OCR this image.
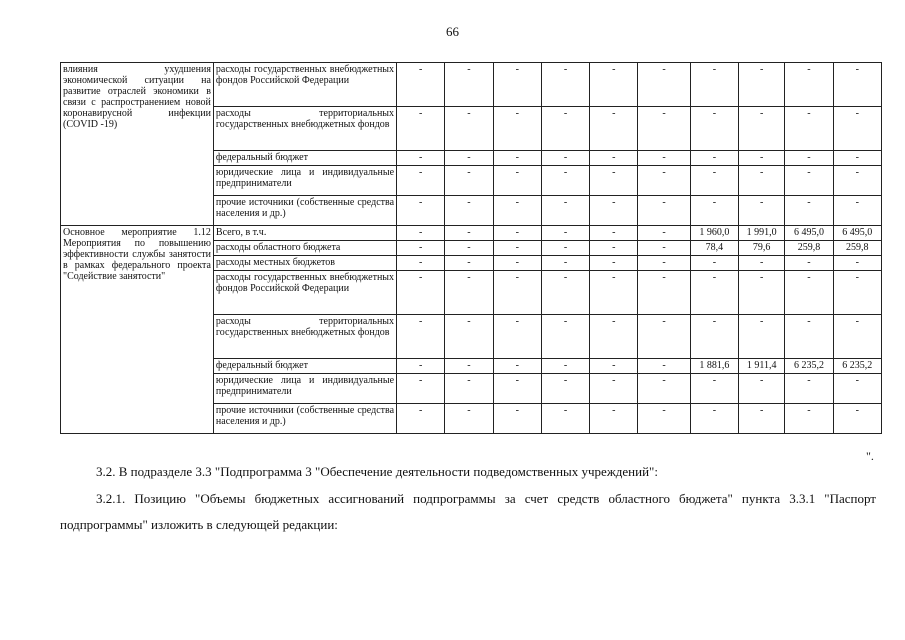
66
влияния ухудшения экономической ситуации на развитие отраслей экономики в связи с распространением новой коронавирусной инфекции (COVID -19)	расходы государственных внебюджетных фондов Российской Федерации	-	-	-	-	-	-	-	-	-	-
	расходы территориальных государственных внебюджетных фондов	-	-	-	-	-	-	-	-	-	-
	федеральный бюджет	-	-	-	-	-	-	-	-	-	-
	юридические лица и индивидуальные предприниматели	-	-	-	-	-	-	-	-	-	-
	прочие источники (собственные средства населения и др.)	-	-	-	-	-	-	-	-	-	-
Основное мероприятие 1.12 Мероприятия по повышению эффективности службы занятости в рамках федерального проекта "Содействие занятости"	Всего, в т.ч.	-	-	-	-	-	-	1 960,0	1 991,0	6 495,0	6 495,0
	расходы областного бюджета	-	-	-	-	-	-	78,4	79,6	259,8	259,8
	расходы местных бюджетов	-	-	-	-	-	-	-	-	-	-
	расходы государственных внебюджетных фондов Российской Федерации	-	-	-	-	-	-	-	-	-	-
	расходы территориальных государственных внебюджетных фондов	-	-	-	-	-	-	-	-	-	-
	федеральный бюджет	-	-	-	-	-	-	1 881,6	1 911,4	6 235,2	6 235,2
	юридические лица и индивидуальные предприниматели	-	-	-	-	-	-	-	-	-	-
	прочие источники (собственные средства населения и др.)	-	-	-	-	-	-	-	-	-	-
".
3.2. В подразделе 3.3 "Подпрограмма 3 "Обеспечение деятельности подведомственных учреждений":
3.2.1. Позицию "Объемы бюджетных ассигнований подпрограммы за счет средств областного бюджета" пункта 3.3.1 "Паспорт подпрограммы" изложить в следующей редакции:
